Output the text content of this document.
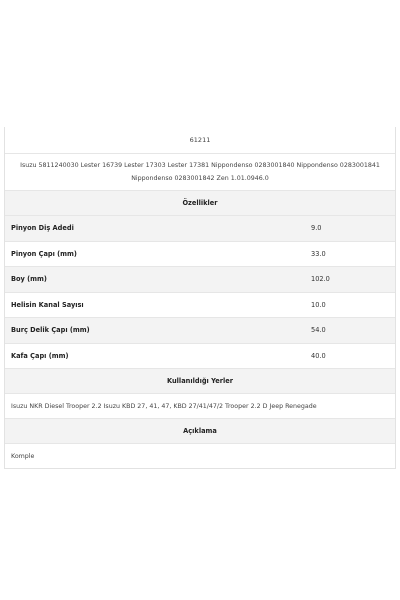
61211
Isuzu 5811240030 Lester 16739 Lester 17303 Lester 17381 Nippondenso 0283001840 Nippondenso 0283001841 Nippondenso 0283001842 Zen 1.01.0946.0
Özellikler
Pinyon Diş Adedi	9.0
Pinyon Çapı (mm)	33.0
Boy (mm)	102.0
Helisin Kanal Sayısı	10.0
Burç Delik Çapı (mm)	54.0
Kafa Çapı (mm)	40.0
Kullanıldığı Yerler
Isuzu NKR Diesel Trooper 2.2 Isuzu KBD 27, 41, 47, KBD 27/41/47/2 Trooper 2.2 D Jeep Renegade
Açıklama
Komple
